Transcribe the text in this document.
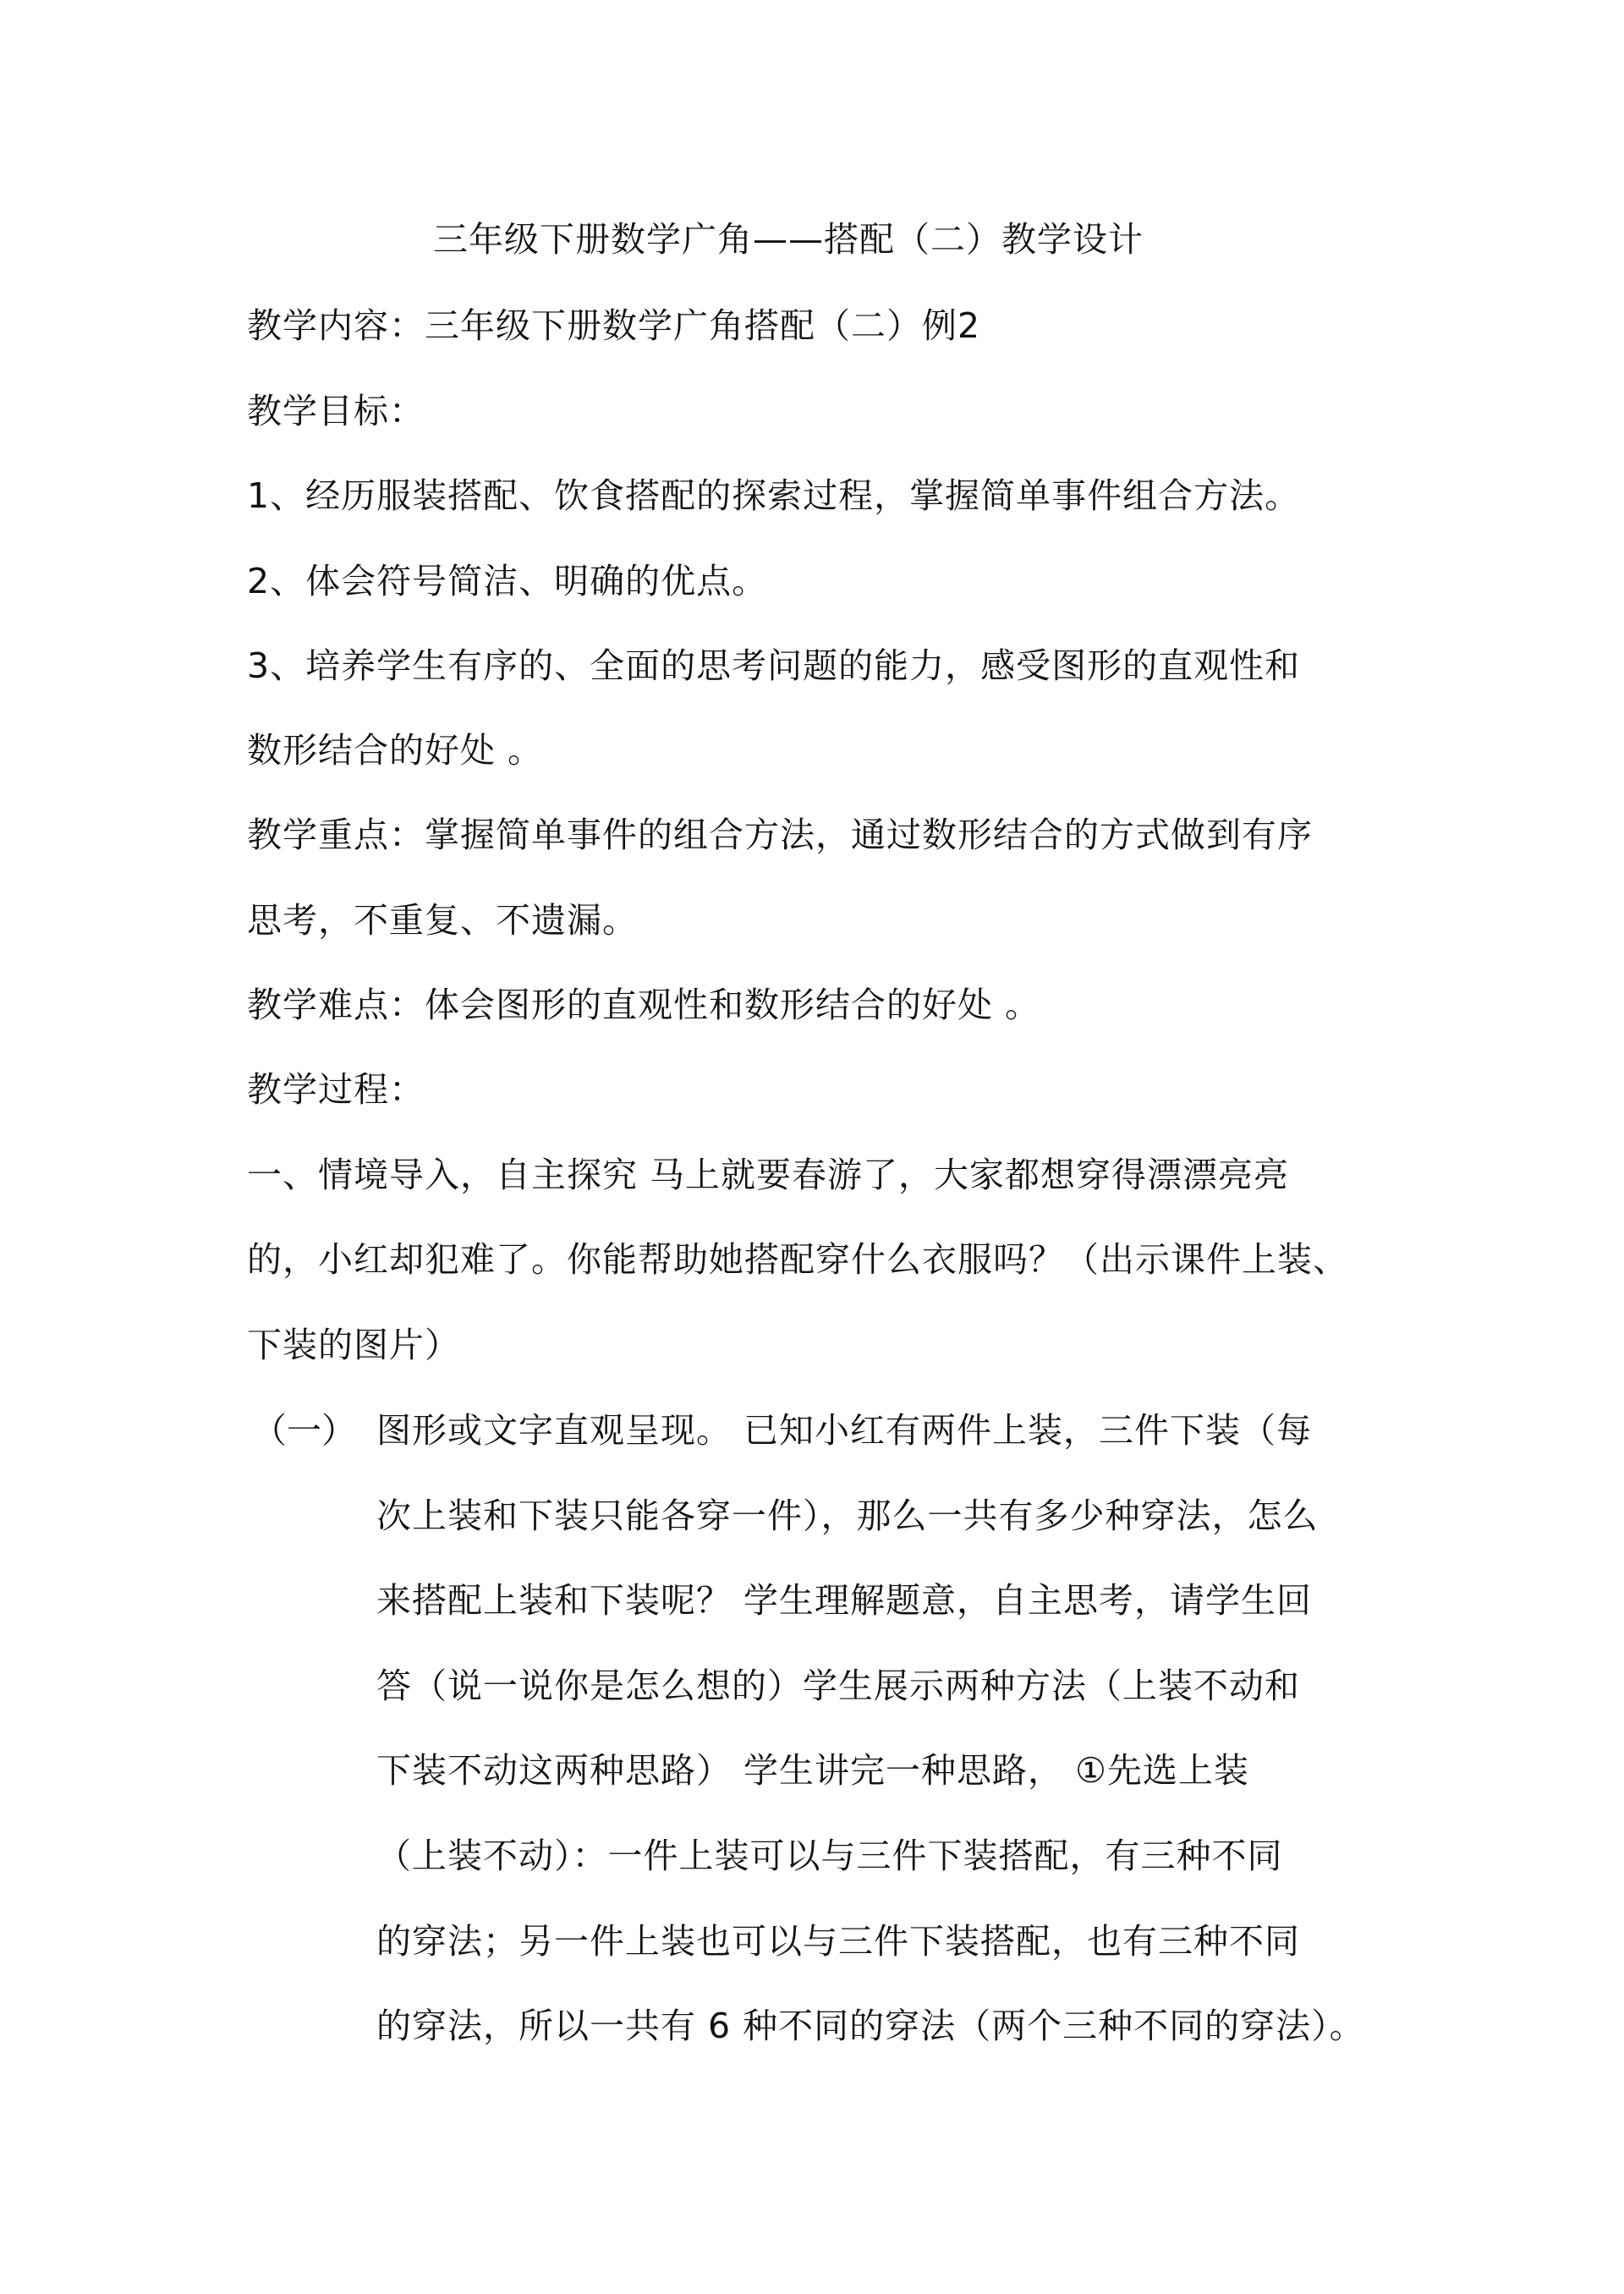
三年级下册数学广角——搭配（二）教学设计
教学内容：三年级下册数学广角搭配（二）例2
教学目标：
1、经历服装搭配、饮食搭配的探索过程，掌握简单事件组合方法。
2、体会符号简洁、明确的优点。
3、培养学生有序的、全面的思考问题的能力，感受图形的直观性和
数形结合的好处 。
教学重点：掌握简单事件的组合方法，通过数形结合的方式做到有序
思考，不重复、不遗漏。
教学难点：体会图形的直观性和数形结合的好处 。
教学过程：
一、情境导入，自主探究 马上就要春游了，大家都想穿得漂漂亮亮
的，小红却犯难了。你能帮助她搭配穿什么衣服吗？（出示课件上装、
下装的图片）
（一） 图形或文字直观呈现。 已知小红有两件上装，三件下装（每
次上装和下装只能各穿一件），那么一共有多少种穿法，怎么
来搭配上装和下装呢？ 学生理解题意，自主思考，请学生回
答（说一说你是怎么想的）学生展示两种方法（上装不动和
下装不动这两种思路） 学生讲完一种思路， ①先选上装
（上装不动）：一件上装可以与三件下装搭配，有三种不同
的穿法；另一件上装也可以与三件下装搭配，也有三种不同
的穿法，所以一共有 6 种不同的穿法（两个三种不同的穿法）。
